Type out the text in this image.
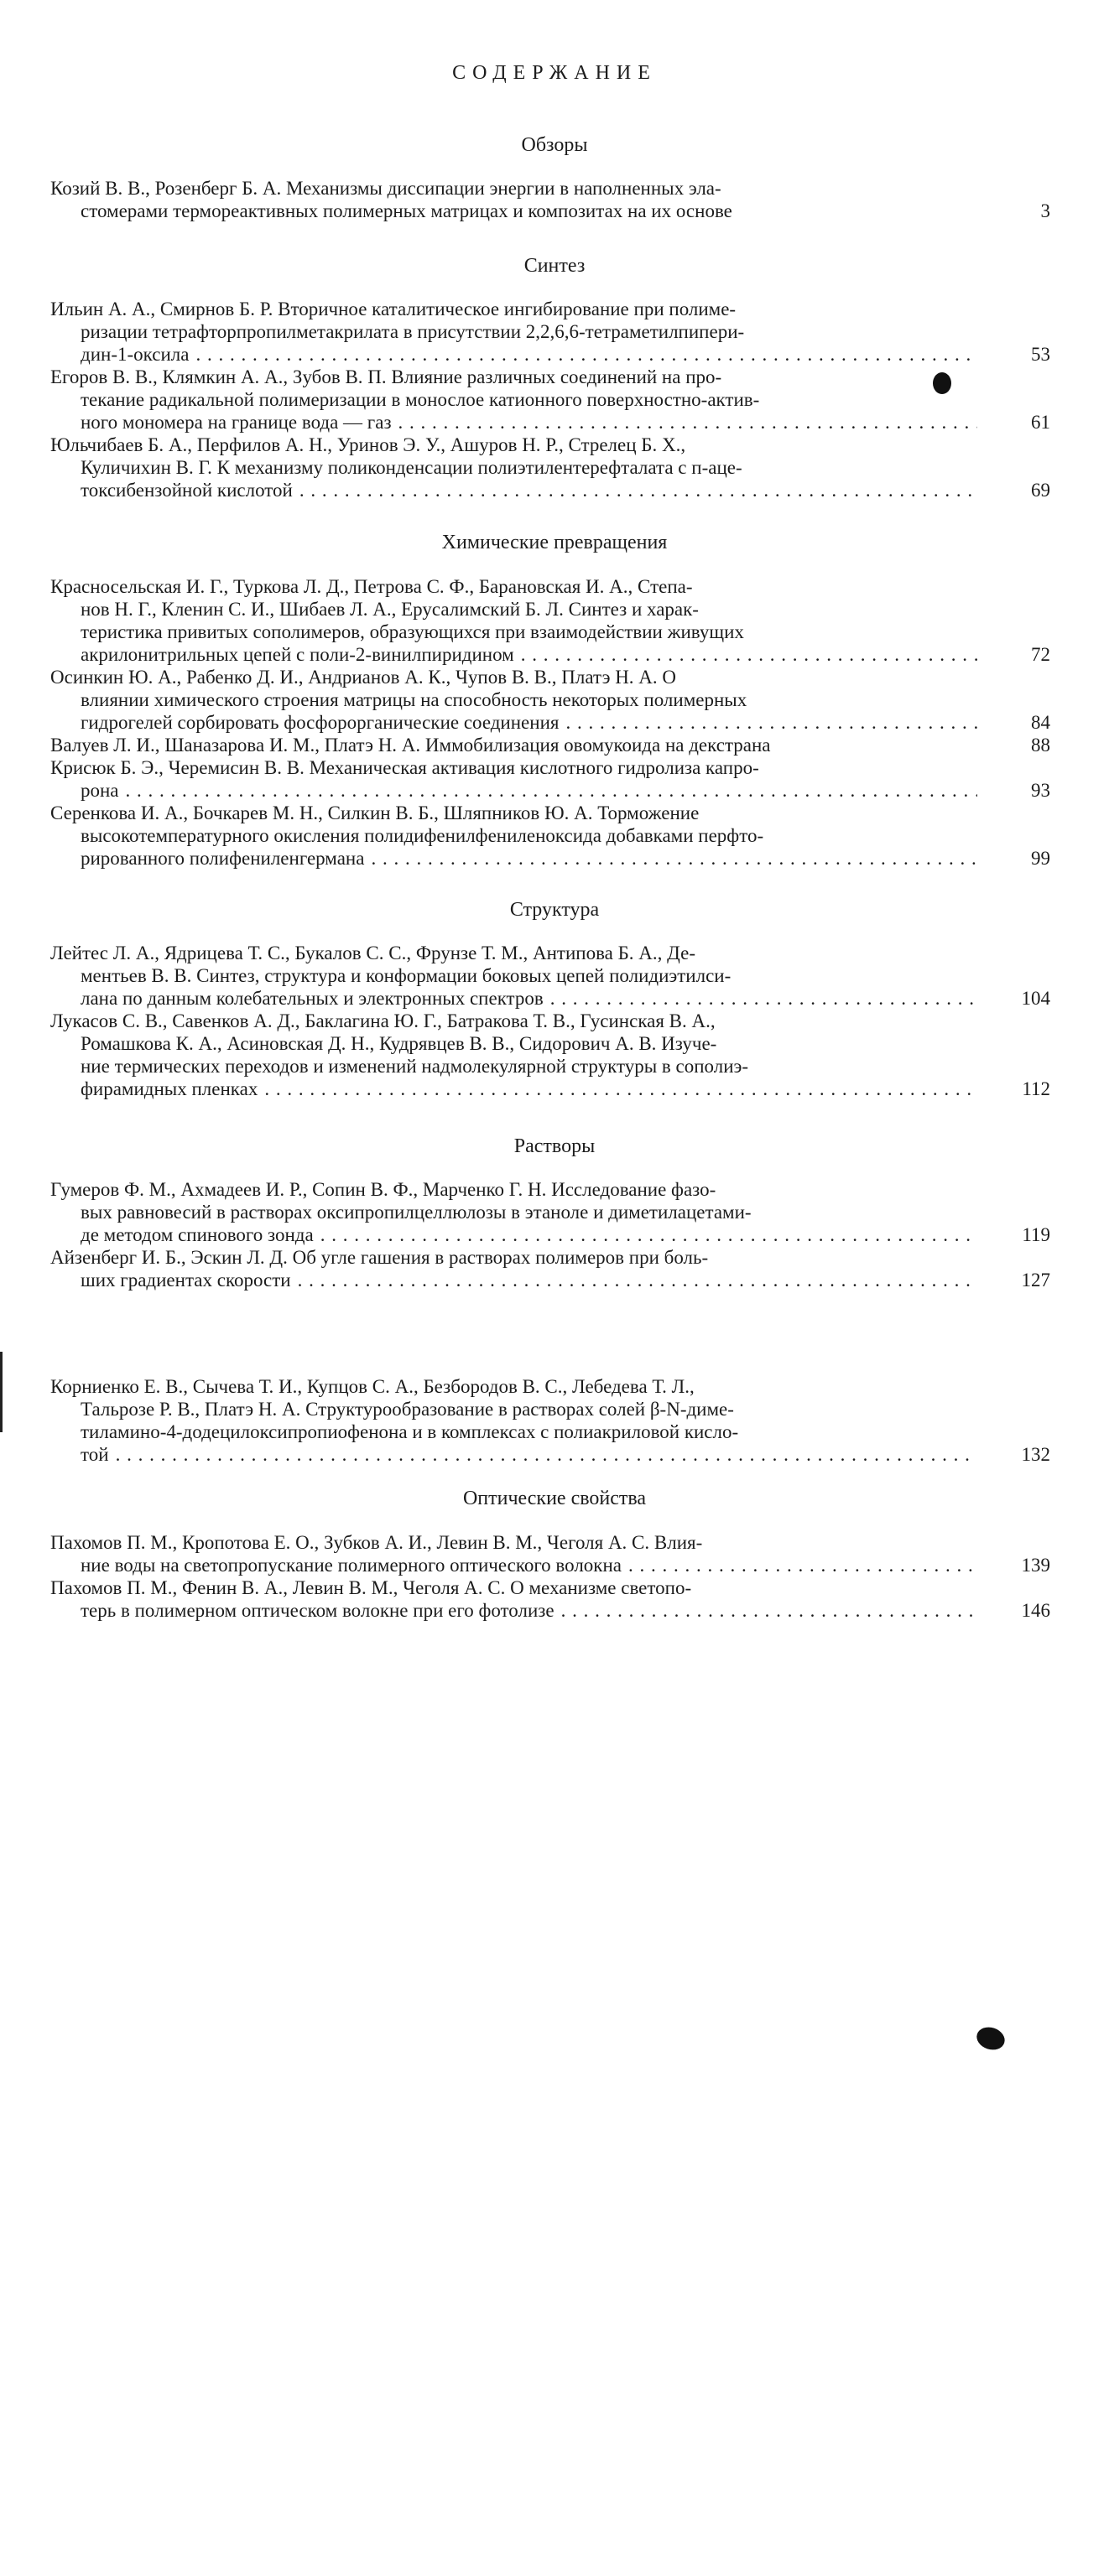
СОДЕРЖАНИЕ
Обзоры
Синтез
Химические превращения
Структура
Растворы
Оптические свойства
Козий В. В., Розенберг Б. А. Механизмы диссипации энергии в наполненных эла-
стомерами термореактивных полимерных матрицах и композитах на их основе	3
Ильин А. А., Смирнов Б. Р. Вторичное каталитическое ингибирование при полиме-
ризации тетрафторпропилметакрилата в присутствии 2,2,6,6-тетраметилпипери-
дин-1-оксила . . .	53
Егоров В. В., Клямкин А. А., Зубов В. П. Влияние различных соединений на про-
текание радикальной полимеризации в монослое катионного поверхностно-актив-
ного мономера на границе вода — газ . . .	61
Юльчибаев Б. А., Перфилов А. Н., Уринов Э. У., Ашуров Н. Р., Стрелец Б. Х.,
Куличихин В. Г. К механизму поликонденсации полиэтилентерефталата с п-аце-
токсибензойной кислотой . . .	69
Красносельская И. Г., Туркова Л. Д., Петрова С. Ф., Барановская И. А., Степа-
нов Н. Г., Кленин С. И., Шибаев Л. А., Ерусалимский Б. Л. Синтез и харак-
теристика привитых сополимеров, образующихся при взаимодействии живущих
акрилонитрильных цепей с поли-2-винилпиридином . . .	72
Осинкин Ю. А., Рабенко Д. И., Андрианов А. К., Чупов В. В., Платэ Н. А. О
влиянии химического строения матрицы на способность некоторых полимерных
гидрогелей сорбировать фосфорорганические соединения . . .	84
Валуев Л. И., Шаназарова И. М., Платэ Н. А. Иммобилизация овомукоида на декстрана	88
Крисюк Б. Э., Черемисин В. В. Механическая активация кислотного гидролиза капро-
рона . . .	93
Серенкова И. А., Бочкарев М. Н., Силкин В. Б., Шляпников Ю. А. Торможение
высокотемпературного окисления полидифенилфениленоксида добавками перфто-
рированного полифениленгермана . . .	99
Лейтес Л. А., Ядрицева Т. С., Букалов С. С., Фрунзе Т. М., Антипова Б. А., Де-
ментьев В. В. Синтез, структура и конформации боковых цепей полидиэтилси-
лана по данным колебательных и электронных спектров . . .	104
Лукасов С. В., Савенков А. Д., Баклагина Ю. Г., Батракова Т. В., Гусинская В. А.,
Ромашкова К. А., Асиновская Д. Н., Кудрявцев В. В., Сидорович А. В. Изуче-
ние термических переходов и изменений надмолекулярной структуры в сополиэ-
фирамидных пленках . . .	112
Гумеров Ф. М., Ахмадеев И. Р., Сопин В. Ф., Марченко Г. Н. Исследование фазо-
вых равновесий в растворах оксипропилцеллюлозы в этаноле и диметилацетами-
де методом спинового зонда . . .	119
Айзенберг И. Б., Эскин Л. Д. Об угле гашения в растворах полимеров при боль-
ших градиентах скорости . . .	127
Корниенко Е. В., Сычева Т. И., Купцов С. А., Безбородов В. С., Лебедева Т. Л.,
Тальрозе Р. В., Платэ Н. А. Структурообразование в растворах солей β-N-диме-
тиламино-4-додецилоксипропиофенона и в комплексах с полиакриловой кисло-
той . . .	132
Пахомов П. М., Кропотова Е. О., Зубков А. И., Левин В. М., Чеголя А. С. Влия-
ние воды на светопропускание полимерного оптического волокна . . .	139
Пахомов П. М., Фенин В. А., Левин В. М., Чеголя А. С. О механизме светопо-
терь в полимерном оптическом волокне при его фотолизе . . .	146
